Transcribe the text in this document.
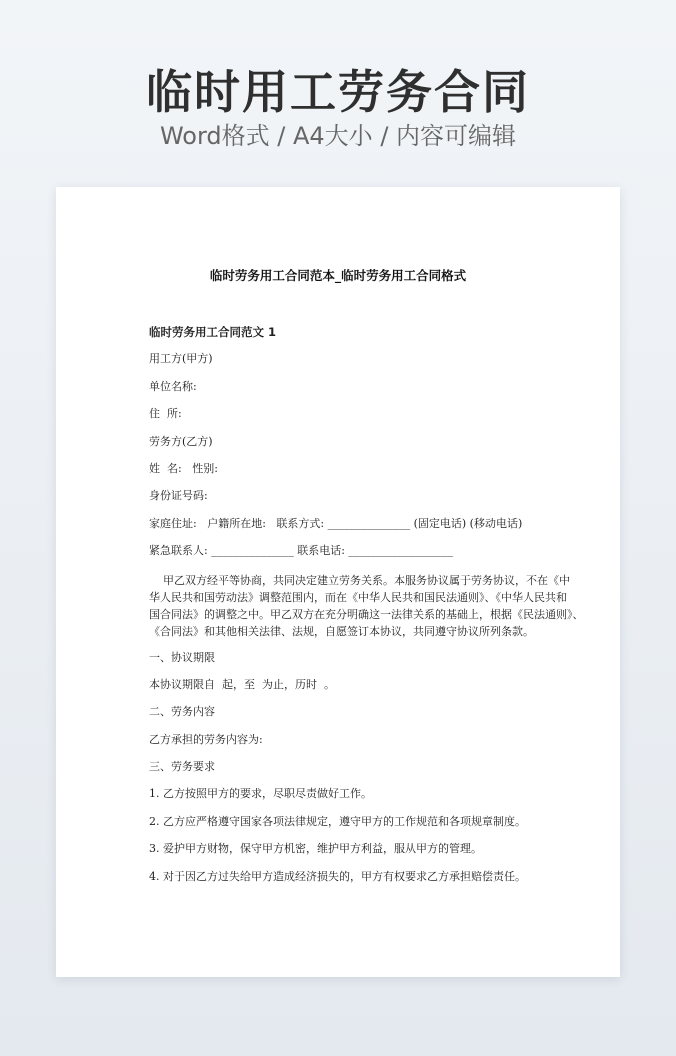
临时用工劳务合同
Word格式 / A4大小 / 内容可编辑
临时劳务用工合同范本_临时劳务用工合同格式
临时劳务用工合同范文 1
用工方(甲方)
单位名称:
住  所:
劳务方(乙方)
姓  名:   性别:
身份证号码:
家庭住址:   户籍所在地:   联系方式: _______________ (固定电话) (移动电话)
紧急联系人: _______________ 联系电话: ___________________
甲乙双方经平等协商，共同决定建立劳务关系。本服务协议属于劳务协议，不在《中
华人民共和国劳动法》调整范围内，而在《中华人民共和国民法通则》、《中华人民共和
国合同法》的调整之中。甲乙双方在充分明确这一法律关系的基础上，根据《民法通则》、
《合同法》和其他相关法律、法规，自愿签订本协议，共同遵守协议所列条款。
一、协议期限
本协议期限自  起，至  为止，历时  。
二、劳务内容
乙方承担的劳务内容为:
三、劳务要求
1. 乙方按照甲方的要求，尽职尽责做好工作。
2. 乙方应严格遵守国家各项法律规定，遵守甲方的工作规范和各项规章制度。
3. 爱护甲方财物，保守甲方机密，维护甲方利益，服从甲方的管理。
4. 对于因乙方过失给甲方造成经济损失的，甲方有权要求乙方承担赔偿责任。
